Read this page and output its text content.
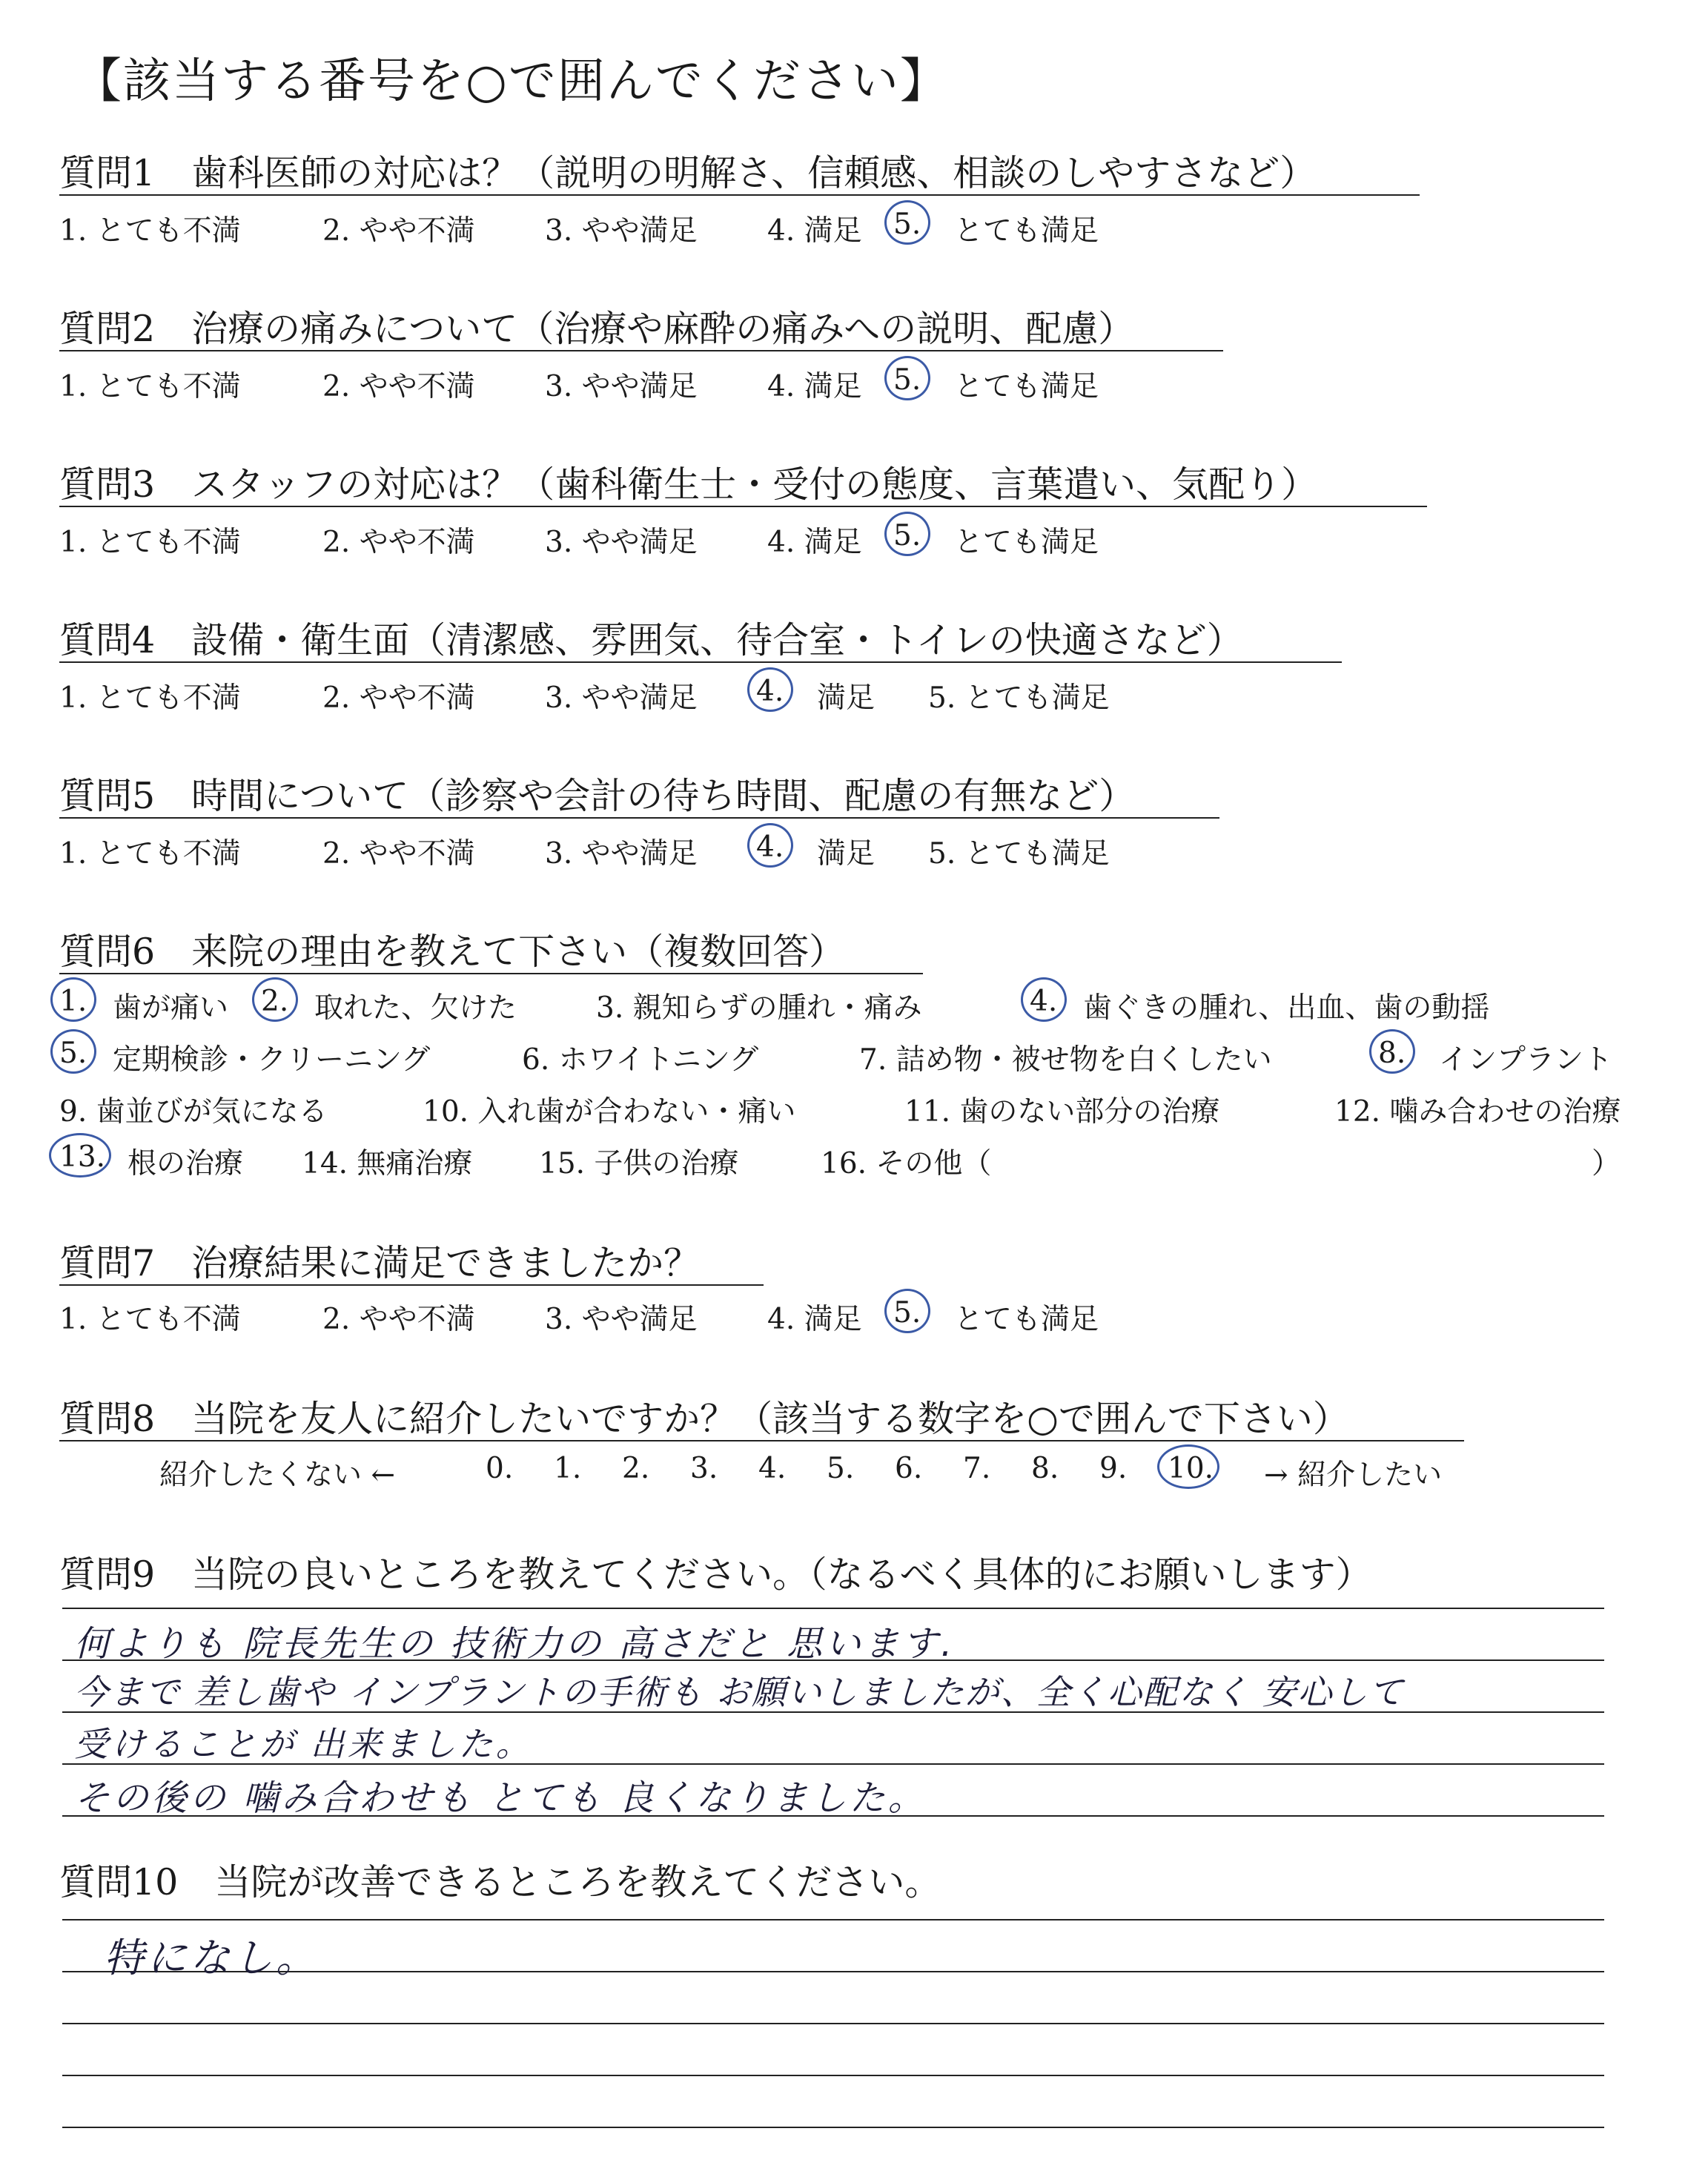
【該当する番号を○で囲んでください】
質問1　歯科医師の対応は？（説明の明解さ、信頼感、相談のしやすさなど）
1. とても不満	2. やや不満	3. やや満足	4. 満足	5.	とても満足
質問2　治療の痛みについて（治療や麻酔の痛みへの説明、配慮）
1. とても不満	2. やや不満	3. やや満足	4. 満足	5.	とても満足
質問3　スタッフの対応は？（歯科衛生士・受付の態度、言葉遣い、気配り）
1. とても不満	2. やや不満	3. やや満足	4. 満足	5.	とても満足
質問4　設備・衛生面（清潔感、雰囲気、待合室・トイレの快適さなど）
1. とても不満	2. やや不満	3. やや満足	4.	満足	5. とても満足
質問5　時間について（診察や会計の待ち時間、配慮の有無など）
1. とても不満	2. やや不満	3. やや満足	4.	満足	5. とても満足
質問6　来院の理由を教えて下さい（複数回答）
1. 歯が痛い	2. 取れた、欠けた	3. 親知らずの腫れ・痛み	4. 歯ぐきの腫れ、出血、歯の動揺
5. 定期検診・クリーニング	6. ホワイトニング	7. 詰め物・被せ物を白くしたい	8.	インプラント
9. 歯並びが気になる	10. 入れ歯が合わない・痛い	11. 歯のない部分の治療	12. 噛み合わせの治療
13. 根の治療	14. 無痛治療	15. 子供の治療	16. その他（	）
質問7　治療結果に満足できましたか？
1. とても不満	2. やや不満	3. やや満足	4. 満足	5.	とても満足
質問8　当院を友人に紹介したいですか？（該当する数字を○で囲んで下さい）
紹介したくない ←	0.	1.	2.	3.	4.	5.	6.	7.	8.	9.	10.	→ 紹介したい
質問9　当院の良いところを教えてください。（なるべく具体的にお願いします）
何よりも 院長先生の 技術力の 高さだと 思います.
今まで 差し歯や インプラントの手術も お願いしましたが、全く心配なく 安心して
受けることが 出来ました。
その後の 噛み合わせも とても 良くなりました。
質問10　当院が改善できるところを教えてください。
特になし。
